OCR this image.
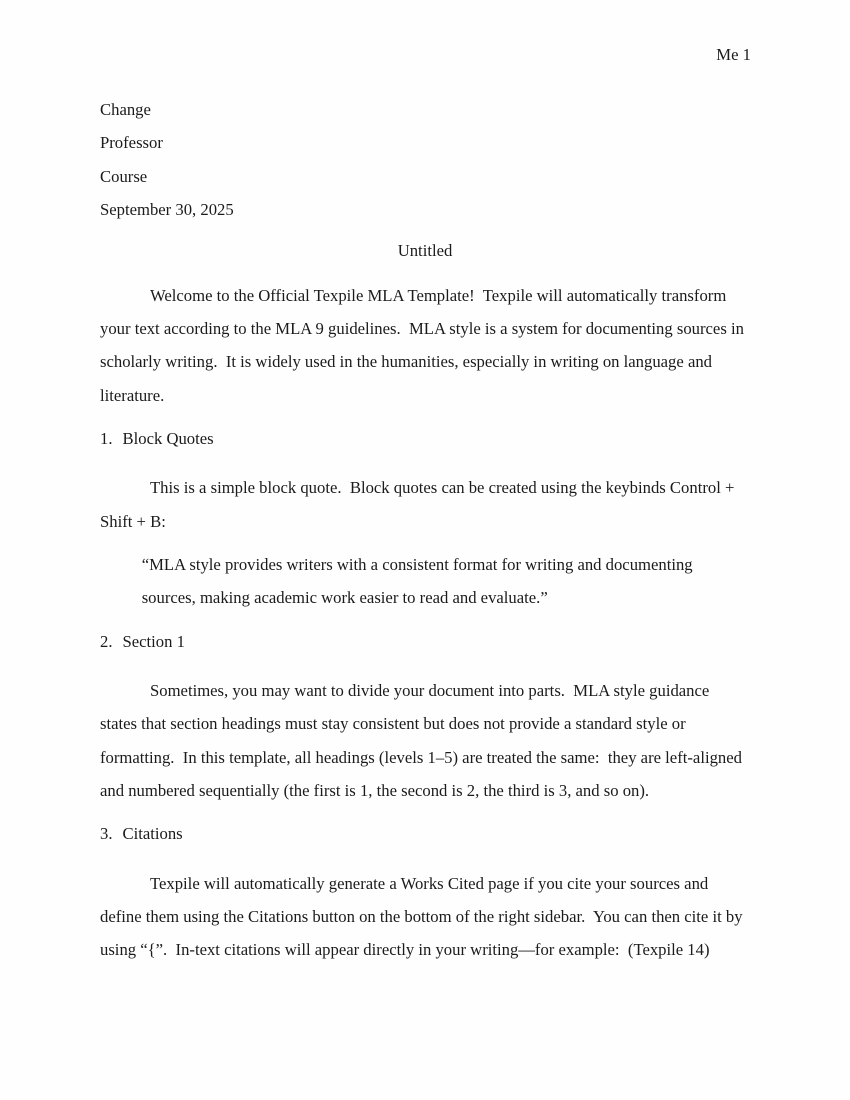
Me 1

Change

Professor

Course

September 30, 2025

Untitled

Welcome to the Official Texpile MLA Template!  Texpile will automatically transform your text according to the MLA 9 guidelines.  MLA style is a system for documenting sources in scholarly writing.  It is widely used in the humanities, especially in writing on language and literature.

1. Block Quotes

This is a simple block quote.  Block quotes can be created using the keybinds Control + Shift + B:

“MLA style provides writers with a consistent format for writing and documenting sources, making academic work easier to read and evaluate.”
2. Section 1

Sometimes, you may want to divide your document into parts.  MLA style guidance states that section headings must stay consistent but does not provide a standard style or formatting.  In this template, all headings (levels 1–5) are treated the same:  they are left-aligned and numbered sequentially (the first is 1, the second is 2, the third is 3, and so on).

3. Citations

Texpile will automatically generate a Works Cited page if you cite your sources and define them using the Citations button on the bottom of the right sidebar.  You can then cite it by using “{”.  In-text citations will appear directly in your writing—for example:  (Texpile 14)
